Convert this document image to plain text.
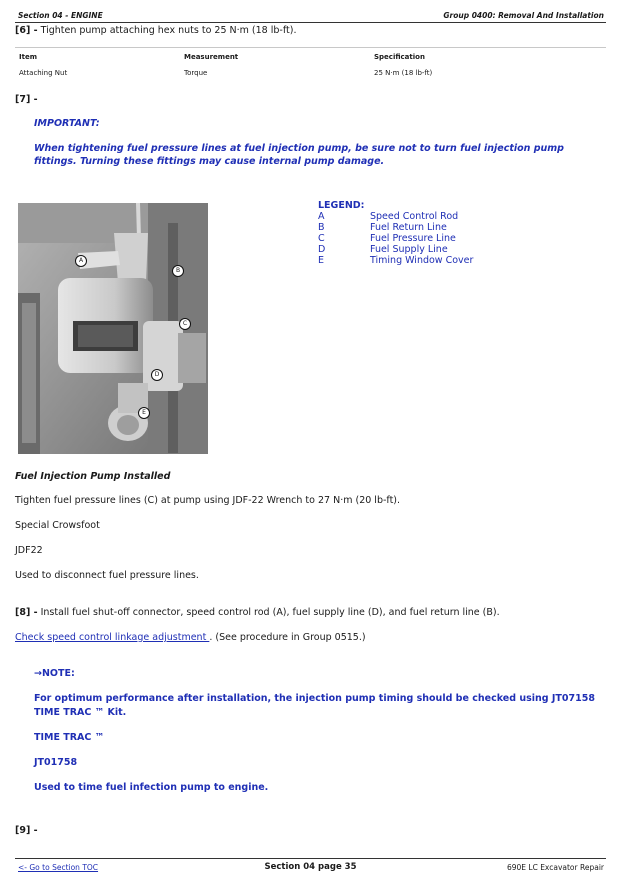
Section 04 - ENGINE	Group 0400: Removal And Installation
[6] - Tighten pump attaching hex nuts to 25 N·m (18 lb-ft).
Item	Measurement	Specification
Attaching Nut	Torque	25 N·m (18 lb-ft)
[7] -
IMPORTANT:
When tightening fuel pressure lines at fuel injection pump, be sure not to turn fuel injection pump
fittings. Turning these fittings may cause internal pump damage.
A
B
C
D
E
LEGEND:
A	Speed Control Rod
B	Fuel Return Line
C	Fuel Pressure Line
D	Fuel Supply Line
E	Timing Window Cover
Fuel Injection Pump Installed
Tighten fuel pressure lines (C) at pump using JDF-22 Wrench to 27 N·m (20 lb-ft).
Special Crowsfoot
JDF22
Used to disconnect fuel pressure lines.
[8] - Install fuel shut-off connector, speed control rod (A), fuel supply line (D), and fuel return line (B).
Check speed control linkage adjustment . (See procedure in Group 0515.)
→NOTE:
For optimum performance after installation, the injection pump timing should be checked using JT07158
TIME TRAC ™ Kit.
TIME TRAC ™
JT01758
Used to time fuel infection pump to engine.
[9] -
<- Go to Section TOC	Section 04 page 35	690E LC Excavator Repair
